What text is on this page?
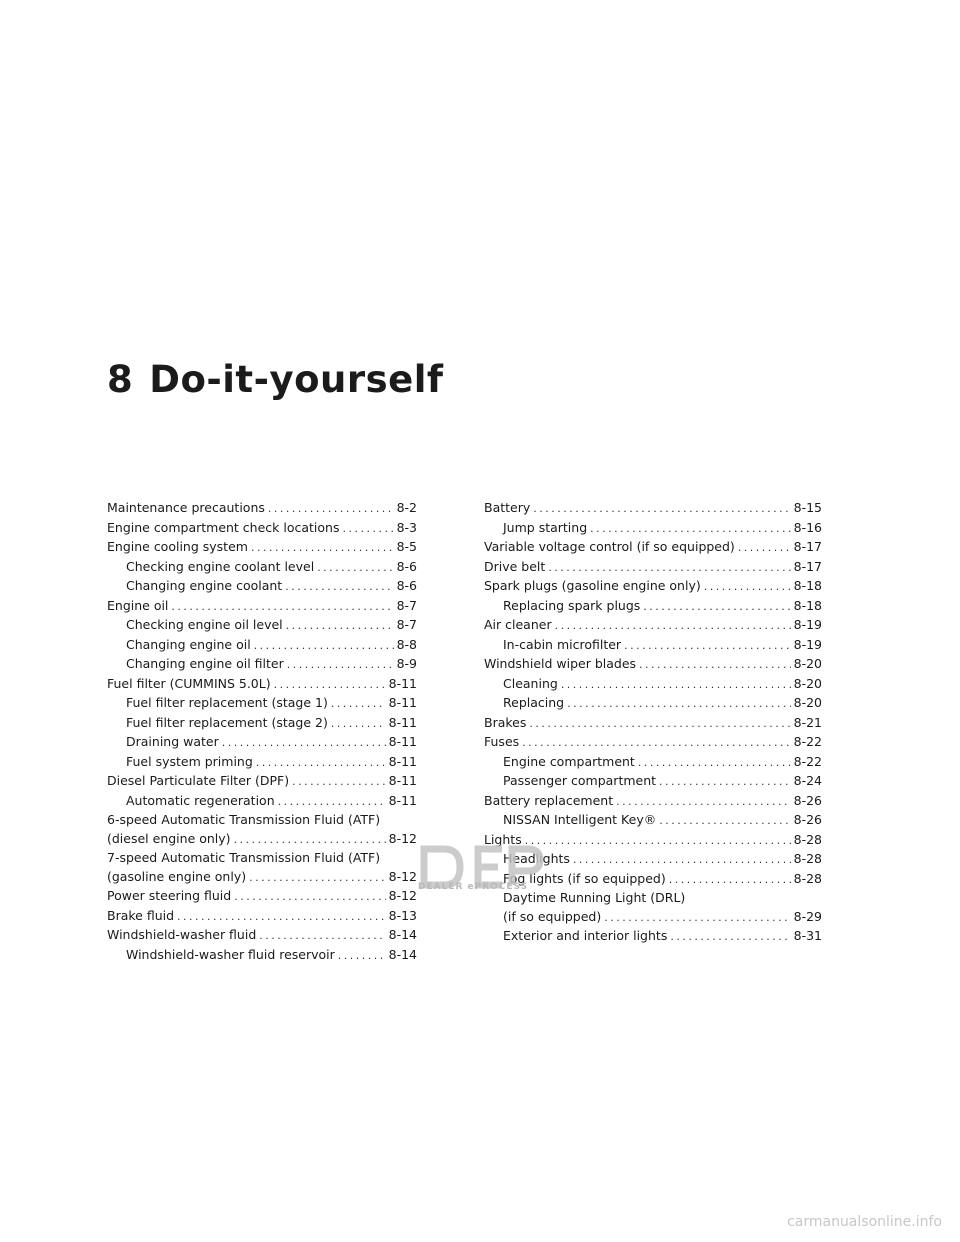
8 Do-it-yourself
Maintenance precautions .....	8-2
Engine compartment check locations .....	8-3
Engine cooling system .....	8-5
Checking engine coolant level .....	8-6
Changing engine coolant .....	8-6
Engine oil .....	8-7
Checking engine oil level .....	8-7
Changing engine oil .....	8-8
Changing engine oil filter .....	8-9
Fuel filter (CUMMINS 5.0L) .....	8-11
Fuel filter replacement (stage 1) .....	8-11
Fuel filter replacement (stage 2) .....	8-11
Draining water .....	8-11
Fuel system priming .....	8-11
Diesel Particulate Filter (DPF) .....	8-11
Automatic regeneration .....	8-11
6-speed Automatic Transmission Fluid (ATF)
(diesel engine only) .....	8-12
7-speed Automatic Transmission Fluid (ATF)
(gasoline engine only) .....	8-12
Power steering fluid .....	8-12
Brake fluid .....	8-13
Windshield-washer fluid .....	8-14
Windshield-washer fluid reservoir .....	8-14
Battery .....	8-15
Jump starting .....	8-16
Variable voltage control (if so equipped) .....	8-17
Drive belt .....	8-17
Spark plugs (gasoline engine only) .....	8-18
Replacing spark plugs .....	8-18
Air cleaner .....	8-19
In-cabin microfilter .....	8-19
Windshield wiper blades .....	8-20
Cleaning .....	8-20
Replacing .....	8-20
Brakes .....	8-21
Fuses .....	8-22
Engine compartment .....	8-22
Passenger compartment .....	8-24
Battery replacement .....	8-26
NISSAN Intelligent Key® .....	8-26
Lights .....	8-28
Headlights .....	8-28
Fog lights (if so equipped) .....	8-28
Daytime Running Light (DRL)
(if so equipped) .....	8-29
Exterior and interior lights .....	8-31
DEALER ePROCESS
carmanualsonline.info
